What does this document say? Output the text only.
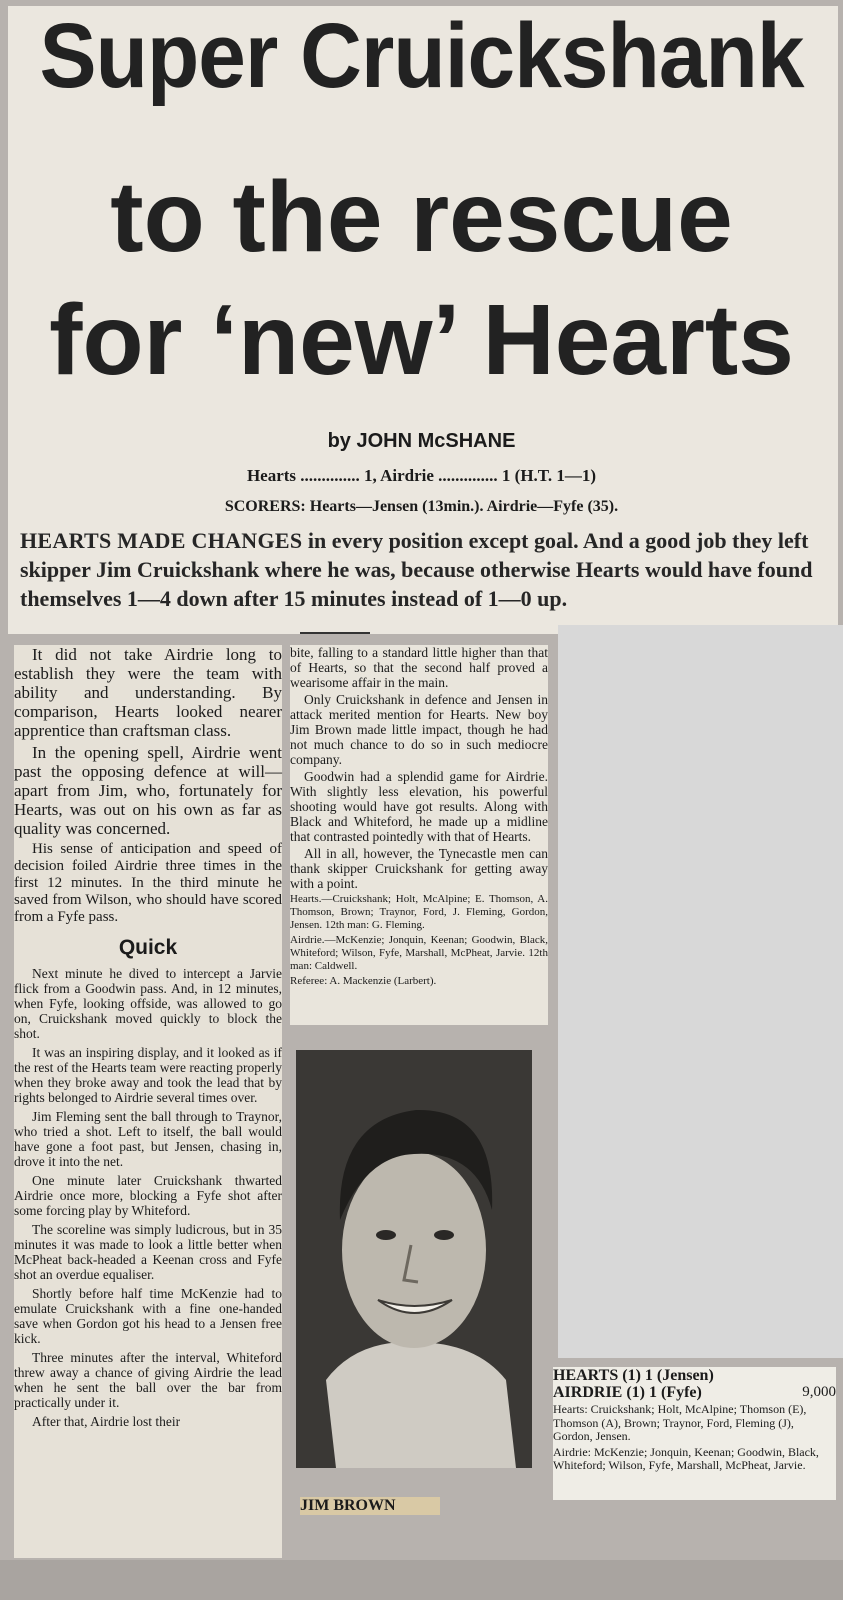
Super Cruickshank
to the rescue
for ‘new’ Hearts
by JOHN McSHANE
Hearts .............. 1, Airdrie .............. 1 (H.T. 1—1)
SCORERS: Hearts—Jensen (13min.). Airdrie—Fyfe (35).

HEARTS MADE CHANGES in every position except goal. And a good job they left skipper Jim Cruickshank where he was, because otherwise Hearts would have found themselves 1—4 down after 15 minutes instead of 1—0 up.

It did not take Airdrie long to establish they were the team with ability and understanding. By comparison, Hearts looked nearer apprentice than craftsman class.

In the opening spell, Airdrie went past the opposing defence at will—apart from Jim, who, fortunately for Hearts, was out on his own as far as quality was concerned.

His sense of anticipation and speed of decision foiled Airdrie three times in the first 12 minutes. In the third minute he saved from Wilson, who should have scored from a Fyfe pass.

Quick

Next minute he dived to intercept a Jarvie flick from a Goodwin pass. And, in 12 minutes, when Fyfe, looking offside, was allowed to go on, Cruickshank moved quickly to block the shot.

It was an inspiring display, and it looked as if the rest of the Hearts team were reacting properly when they broke away and took the lead that by rights belonged to Airdrie several times over.

Jim Fleming sent the ball through to Traynor, who tried a shot. Left to itself, the ball would have gone a foot past, but Jensen, chasing in, drove it into the net.

One minute later Cruickshank thwarted Airdrie once more, blocking a Fyfe shot after some forcing play by Whiteford.

The scoreline was simply ludicrous, but in 35 minutes it was made to look a little better when McPheat back-headed a Keenan cross and Fyfe shot an overdue equaliser.

Shortly before half time McKenzie had to emulate Cruickshank with a fine one-handed save when Gordon got his head to a Jensen free kick.

Three minutes after the interval, Whiteford threw away a chance of giving Airdrie the lead when he sent the ball over the bar from practically under it.

After that, Airdrie lost their

bite, falling to a standard little higher than that of Hearts, so that the second half proved a wearisome affair in the main.

Only Cruickshank in defence and Jensen in attack merited mention for Hearts. New boy Jim Brown made little impact, though he had not much chance to do so in such mediocre company.

Goodwin had a splendid game for Airdrie. With slightly less elevation, his powerful shooting would have got results. Along with Black and Whiteford, he made up a midline that contrasted pointedly with that of Hearts.

All in all, however, the Tynecastle men can thank skipper Cruickshank for getting away with a point.

Hearts.—Cruickshank; Holt, McAlpine; E. Thomson, A. Thomson, Brown; Traynor, Ford, J. Fleming, Gordon, Jensen. 12th man: G. Fleming.

Airdrie.—McKenzie; Jonquin, Keenan; Goodwin, Black, Whiteford; Wilson, Fyfe, Marshall, McPheat, Jarvie. 12th man: Caldwell.

Referee: A. Mackenzie (Larbert).

JIM BROWN

HEARTS (1) 1 (Jensen)

AIRDRIE (1) 1 (Fyfe)	9,000

Hearts: Cruickshank; Holt, McAlpine; Thomson (E), Thomson (A), Brown; Traynor, Ford, Fleming (J), Gordon, Jensen.

Airdrie: McKenzie; Jonquin, Keenan; Goodwin, Black, Whiteford; Wilson, Fyfe, Marshall, McPheat, Jarvie.
